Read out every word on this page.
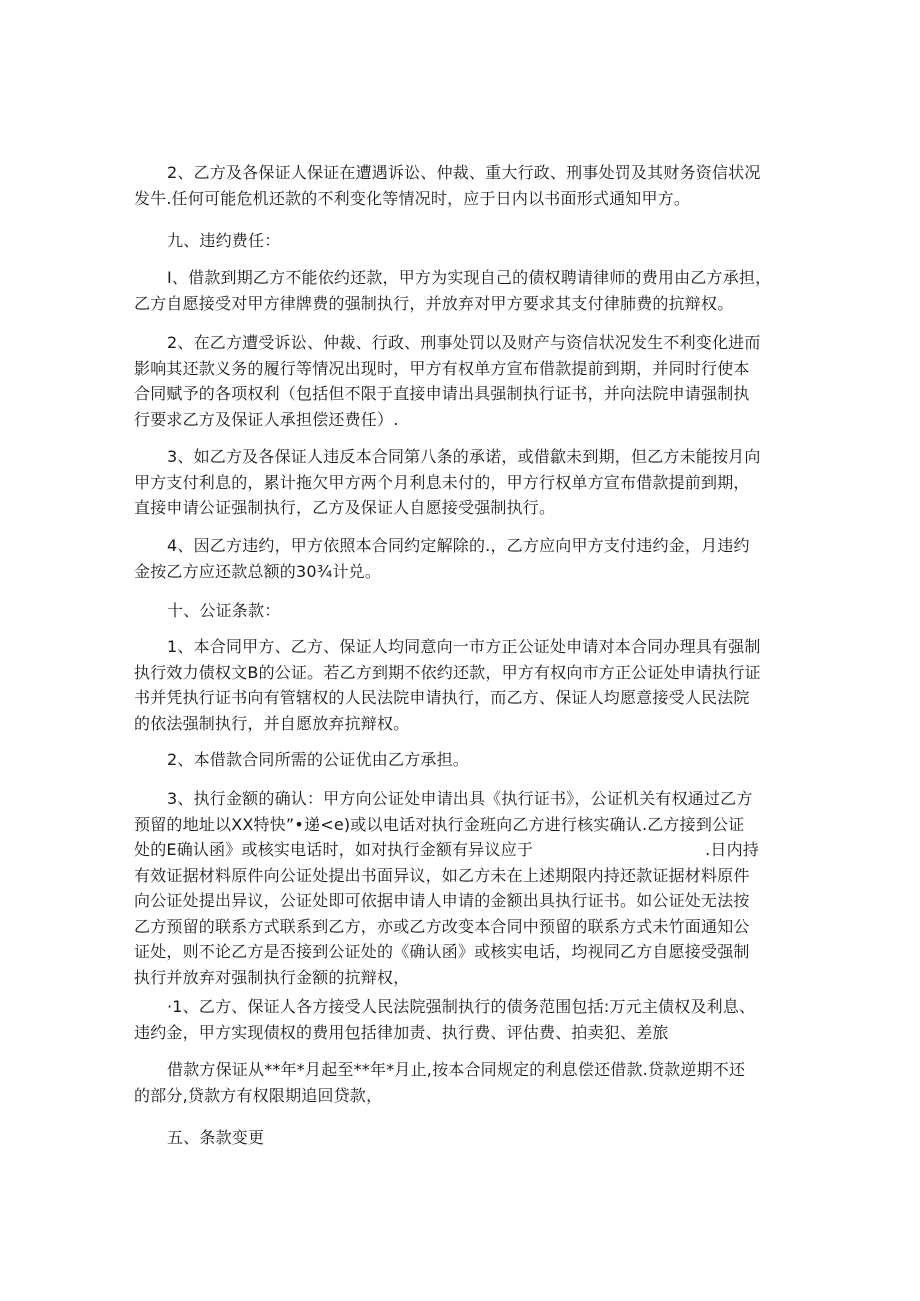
2、乙方及各保证人保证在遭遇诉讼、仲裁、重大行政、刑事处罚及其财务资信状况
发牛.任何可能危机还款的不利变化等情况时，应于日内以书面形式通知甲方。

九、违约费任：

I、借款到期乙方不能依约还款，甲方为实现自己的债权聘请律师的费用由乙方承担，
乙方自愿接受对甲方律牌费的强制执行，并放弃对甲方要求其支付律肺费的抗辩权。

2、在乙方遭受诉讼、仲裁、行政、刑事处罚以及财产与资信状况发生不利变化进而
影响其还款义务的履行等情况出现时，甲方有权单方宣布借款提前到期，并同时行使本
合同赋予的各项权利（包括但不限于直接申请出具强制执行证书，并向法院申请强制执
行要求乙方及保证人承担偿还费任）.

3、如乙方及各保证人违反本合同第八条的承诺，或借歙未到期，但乙方未能按月向
甲方支付利息的，累计拖欠甲方两个月利息未付的，甲方行权单方宣布借款提前到期，
直接申请公证强制执行，乙方及保证人自愿接受强制执行。

4、因乙方违约，甲方依照本合同约定解除的.，乙方应向甲方支付违约金，月违约
金按乙方应还款总额的30¾计兑。

十、公证条款：

1、本合同甲方、乙方、保证人均同意向一市方正公证处申请对本合同办理具有强制
执行效力债权文B的公证。若乙方到期不依约还款，甲方有权向市方正公证处申请执行证
书并凭执行证书向有管辖权的人民法院申请执行，而乙方、保证人均愿意接受人民法院
的依法强制执行，并自愿放弃抗辩权。

2、本借款合同所需的公证优由乙方承担。

3、执行金额的确认：甲方向公证处申请出具《执行证书》，公证机关有权通过乙方
预留的地址以XX特快”•递<e)或以电话对执行金班向乙方进行核实确认.乙方接到公证
处的E确认函》或核实电话时，如对执行金额有异议应于	.日内持
有效证据材料原件向公证处提出书面异议，如乙方未在上述期限内持还款证据材料原件
向公证处提出异议，公证处即可依据申请人申请的金额出具执行证书。如公证处无法按
乙方预留的联系方式联系到乙方，亦或乙方改变本合同中预留的联系方式未竹面通知公
证处，则不论乙方是否接到公证处的《确认函》或核实电话，均视同乙方自愿接受强制
执行并放弃对强制执行金额的抗辩权，

·1、乙方、保证人各方接受人民法院强制执行的债务范围包括:万元主债权及利息、
违约金，甲方实现债权的费用包括律加责、执行费、评估费、拍卖犯、差旅

借款方保证从**年*月起至**年*月止,按本合同规定的利息偿还借款.贷款逆期不还
的部分,贷款方有权限期追回贷款，

五、条款变更
